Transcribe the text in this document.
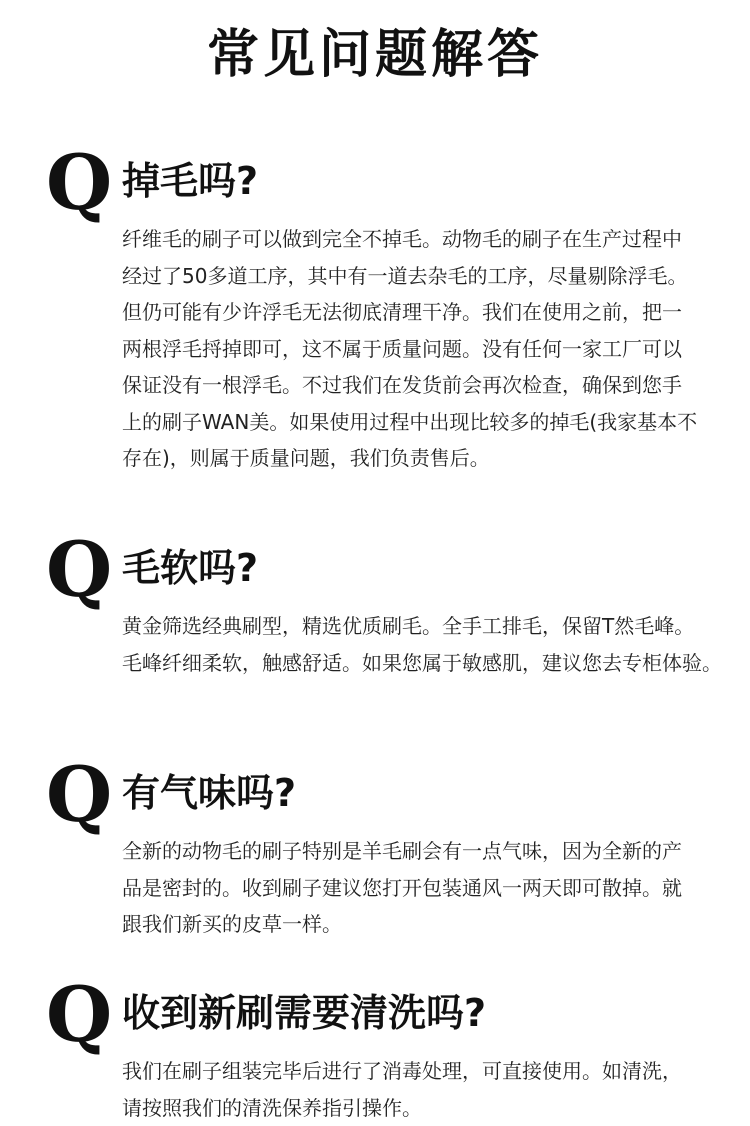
常见问题解答
Q 掉毛吗?
纤维毛的刷子可以做到完全不掉毛。动物毛的刷子在生产过程中
经过了50多道工序，其中有一道去杂毛的工序，尽量剔除浮毛。
但仍可能有少许浮毛无法彻底清理干净。我们在使用之前，把一
两根浮毛捋掉即可，这不属于质量问题。没有任何一家工厂可以
保证没有一根浮毛。不过我们在发货前会再次检查，确保到您手
上的刷子WAN美。如果使用过程中出现比较多的掉毛(我家基本不
存在)，则属于质量问题，我们负责售后。
Q 毛软吗?
黄金筛选经典刷型，精选优质刷毛。全手工排毛，保留T然毛峰。
毛峰纤细柔软，触感舒适。如果您属于敏感肌，建议您去专柜体验。
Q 有气味吗?
全新的动物毛的刷子特别是羊毛刷会有一点气味，因为全新的产
品是密封的。收到刷子建议您打开包装通风一两天即可散掉。就
跟我们新买的皮草一样。
Q 收到新刷需要清洗吗?
我们在刷子组装完毕后进行了消毒处理，可直接使用。如清洗，
请按照我们的清洗保养指引操作。
